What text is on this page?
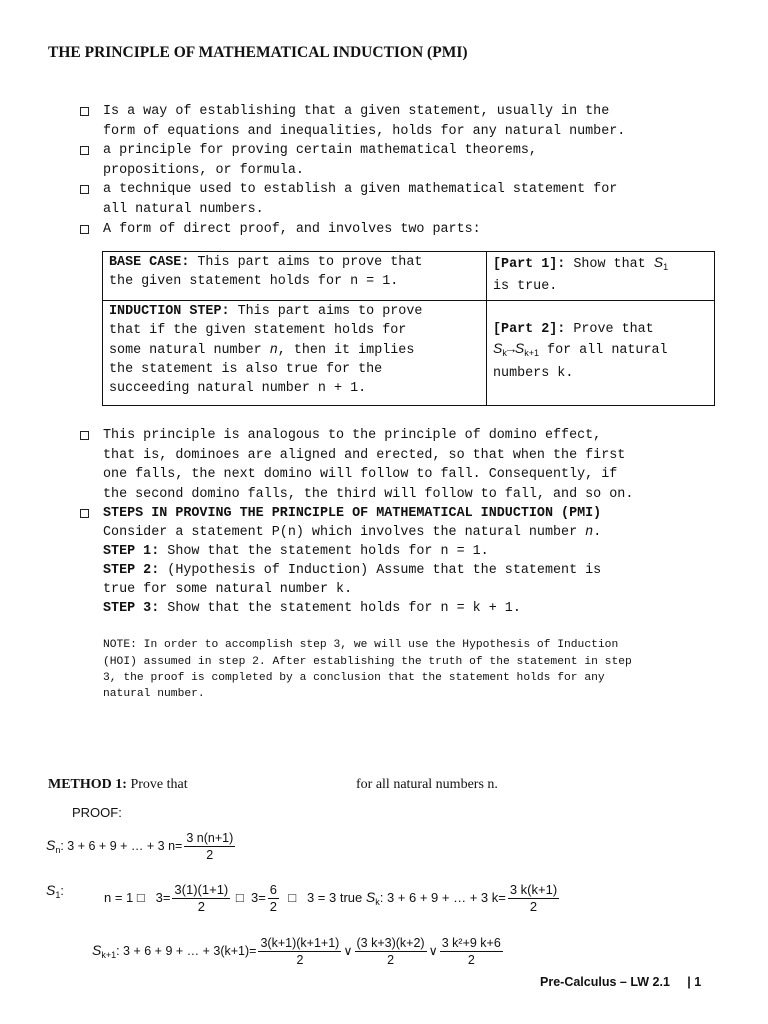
THE PRINCIPLE OF MATHEMATICAL INDUCTION (PMI)
Is a way of establishing that a given statement, usually in the
form of equations and inequalities, holds for any natural number.
a principle for proving certain mathematical theorems,
propositions, or formula.
a technique used to establish a given mathematical statement for
all natural numbers.
A form of direct proof, and involves two parts:
BASE CASE: This part aims to prove that
the given statement holds for n = 1.
[Part 1]: Show that $S_1$
is true.
INDUCTION STEP: This part aims to prove
that if the given statement holds for
some natural number n, then it implies
the statement is also true for the
succeeding natural number n + 1.
[Part 2]: Prove that
$S_k\to S_{k+1}$ for all natural
numbers k.
This principle is analogous to the principle of domino effect,
that is, dominoes are aligned and erected, so that when the first
one falls, the next domino will follow to fall. Consequently, if
the second domino falls, the third will follow to fall, and so on.
STEPS IN PROVING THE PRINCIPLE OF MATHEMATICAL INDUCTION (PMI)
Consider a statement P(n) which involves the natural number n.
STEP 1: Show that the statement holds for n = 1.
STEP 2: (Hypothesis of Induction) Assume that the statement is
true for some natural number k.
STEP 3: Show that the statement holds for n = k + 1.
NOTE: In order to accomplish step 3, we will use the Hypothesis of Induction
(HOI) assumed in step 2. After establishing the truth of the statement in step
3, the proof is completed by a conclusion that the statement holds for any
natural number.
METHOD 1: Prove that	for all natural numbers n.
PROOF:
$S_n$: 3 + 6 + 9 + … + 3 $n= \frac{3 n(n+1)}{2}$
$S_1$:	n = 1 □ $3= \frac{3(1)(1+1)}{2}$ □ $3= \frac{6}{2}$ □ 3 = 3 true $S_k$: 3 + 6 + 9 + … + 3 $k= \frac{3 k(k+1)}{2}$
$S_{k+1}$: 3 + 6 + 9 + … + $3(k+1)= \frac{3(k+1)(k+1+1)}{2}$ ∨ $\frac{(3 k+3)(k+2)}{2}$ ∨ $\frac{\text{3 k²+9 k+6}}{2}$
Pre-Calculus – LW 2.1     | 1
